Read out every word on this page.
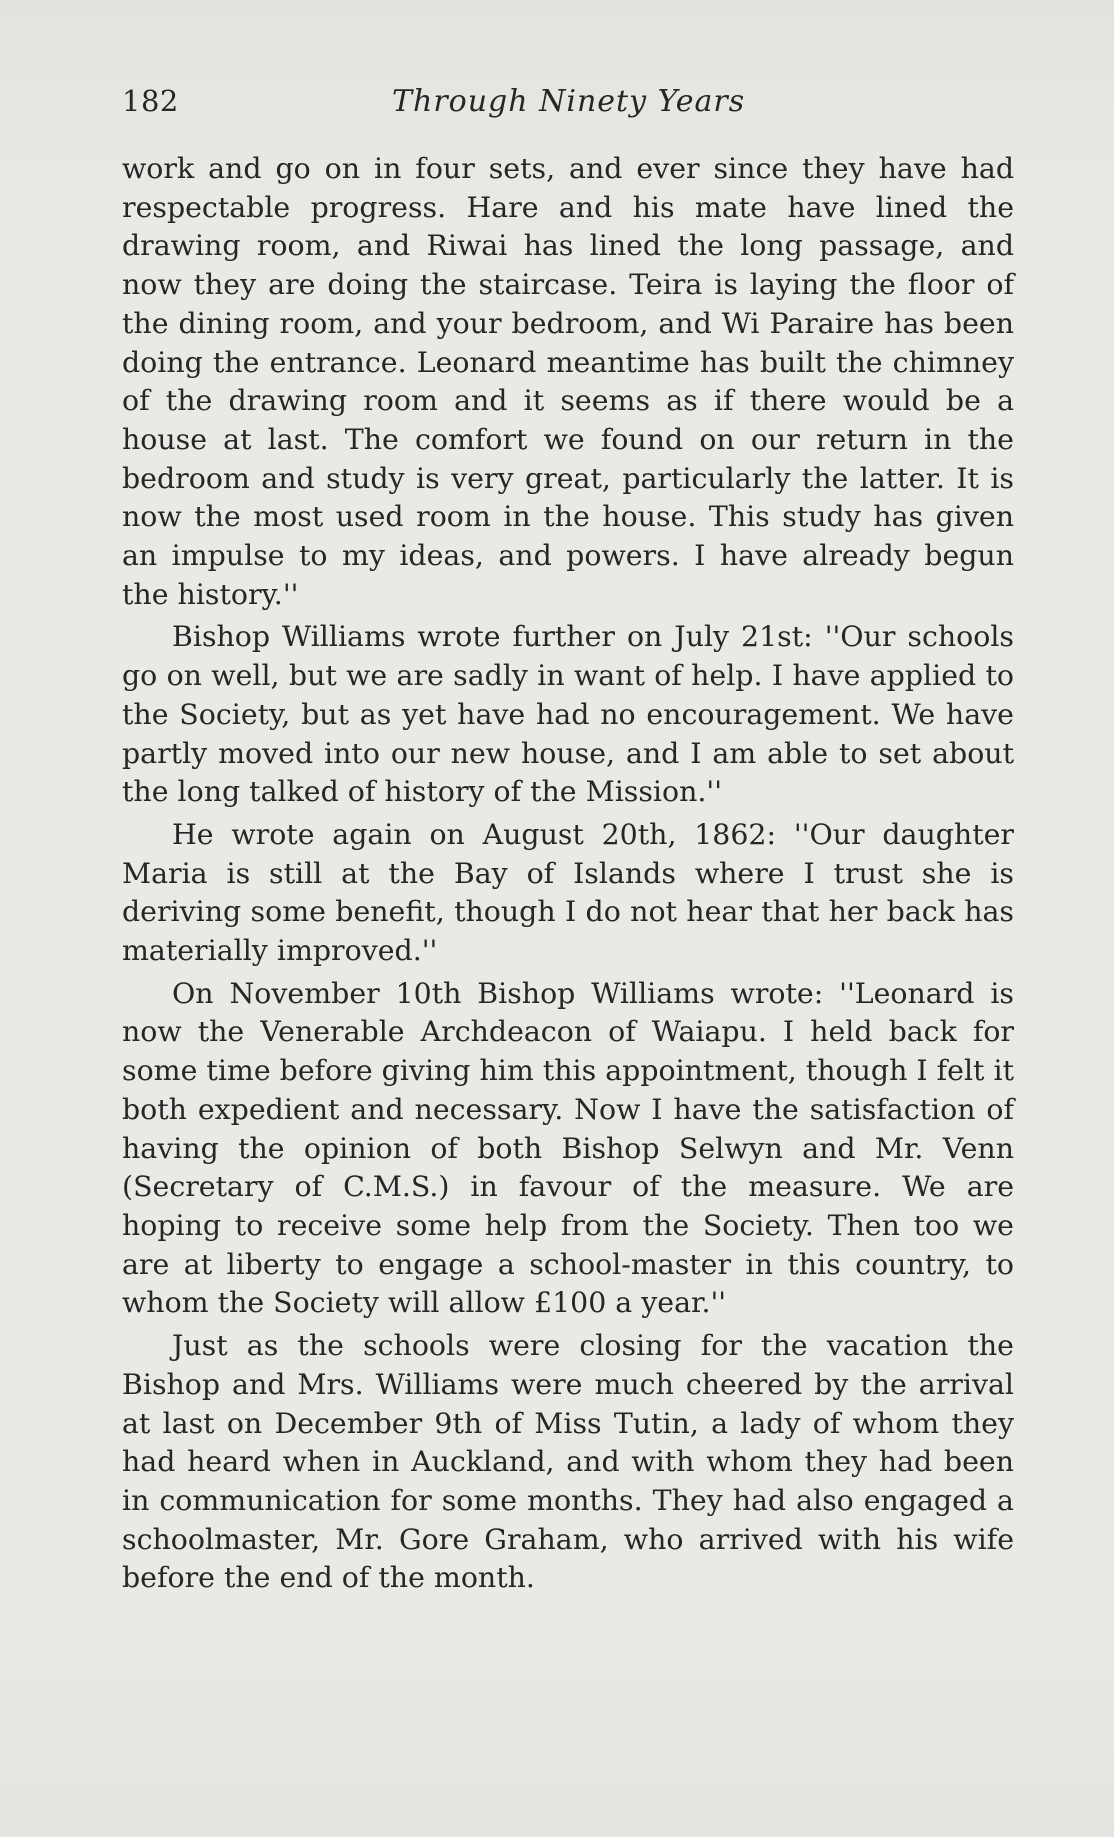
182	Through Ninety Years

work and go on in four sets, and ever since they have had respectable progress. Hare and his mate have lined the drawing room, and Riwai has lined the long passage, and now they are doing the staircase. Teira is laying the floor of the dining room, and your bedroom, and Wi Paraire has been doing the entrance. Leonard meantime has built the chimney of the drawing room and it seems as if there would be a house at last. The comfort we found on our return in the bedroom and study is very great, particularly the latter. It is now the most used room in the house. This study has given an impulse to my ideas, and powers. I have already begun the history.''

Bishop Williams wrote further on July 21st: ''Our schools go on well, but we are sadly in want of help. I have applied to the Society, but as yet have had no encouragement. We have partly moved into our new house, and I am able to set about the long talked of history of the Mission.''

He wrote again on August 20th, 1862: ''Our daughter Maria is still at the Bay of Islands where I trust she is deriving some benefit, though I do not hear that her back has materially improved.''

On November 10th Bishop Williams wrote: ''Leonard is now the Venerable Archdeacon of Waiapu. I held back for some time before giving him this appointment, though I felt it both expedient and necessary. Now I have the satisfaction of having the opinion of both Bishop Selwyn and Mr. Venn (Secretary of C.M.S.) in favour of the measure. We are hoping to receive some help from the Society. Then too we are at liberty to engage a school-master in this country, to whom the Society will allow £100 a year.''

Just as the schools were closing for the vacation the Bishop and Mrs. Williams were much cheered by the arrival at last on December 9th of Miss Tutin, a lady of whom they had heard when in Auckland, and with whom they had been in communication for some months. They had also engaged a schoolmaster, Mr. Gore Graham, who arrived with his wife before the end of the month.
